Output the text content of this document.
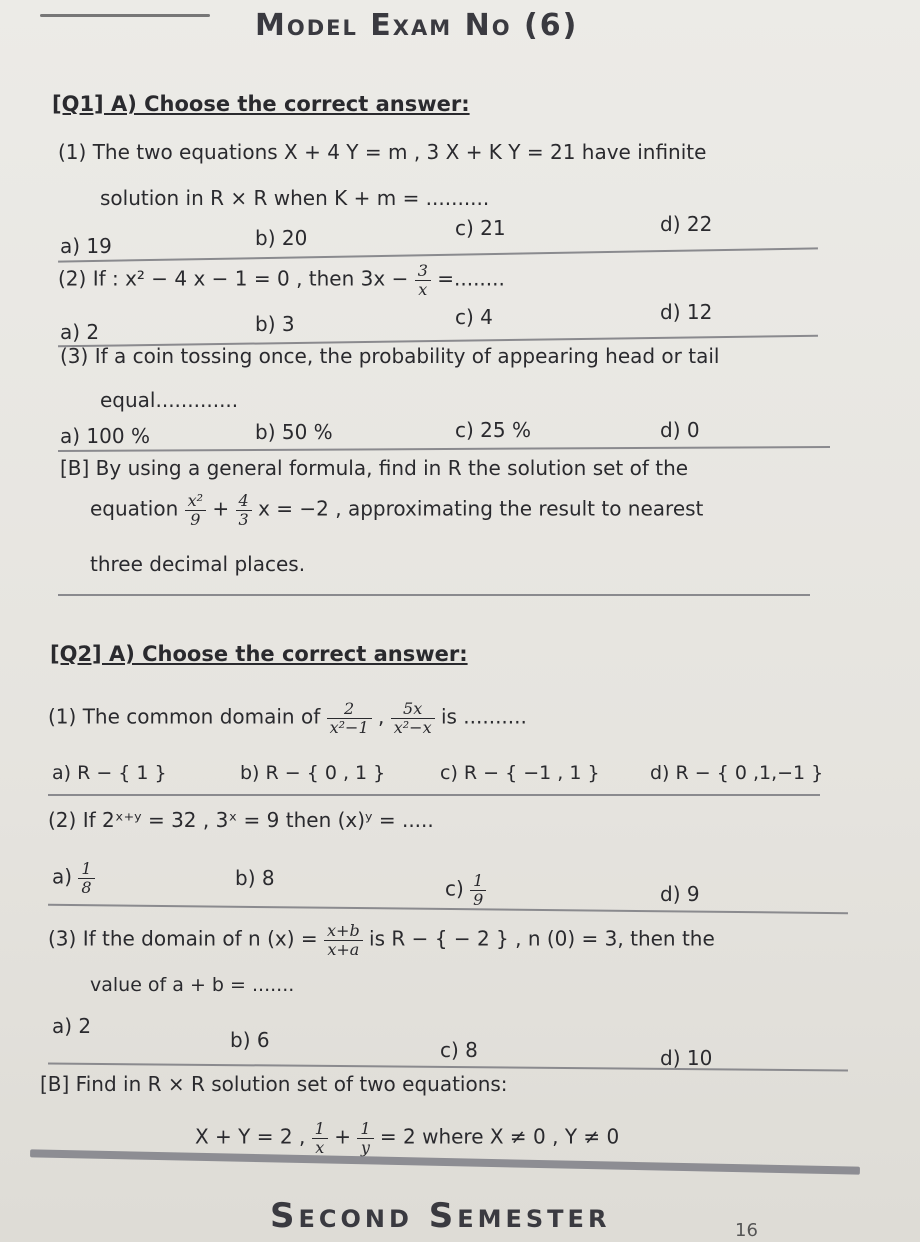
Model Exam No (6)
[Q1] A) Choose the correct answer:
(1) The two equations X + 4 Y = m , 3 X + K Y = 21 have infinite
solution in R × R when K + m = ..........
a) 19	b) 20	c) 21	d) 22
(2) If : x² − 4 x − 1 = 0 , then $3x - \frac{3}{x}$ =........
a) 2	b) 3	c) 4	d) 12
(3) If a coin tossing once, the probability of appearing head or tail
equal.............
a) 100 %	b) 50 %	c) 25 %	d) 0
[B] By using a general formula, find in R the solution set of the
equation $\frac{\text{x²}}{9} + \frac{4}{3}$ x = −2 , approximating the result to nearest
three decimal places.
[Q2] A) Choose the correct answer:
(1) The common domain of $\frac{2}{\text{x²−1}}$ , $\frac{5x}{\text{x²−x}}$ is ..........
a) R − { 1 }	b) R − { 0 , 1 }	c) R − { −1 , 1 }	d) R − { 0 ,1,−1 }
(2) If 2ˣ⁺ʸ = 32 , 3ˣ = 9 then (x)ʸ = .....
$a) \frac{1}{8}$	b) 8	$c) \frac{1}{9}$	d) 9
(3) If the domain of n $(x) = \frac{x+b}{x+a}$ is R − { − 2 } , n (0) = 3, then the
value of a + b = .......
a) 2
b) 6	c) 8	d) 10
[B] Find in R × R solution set of two equations:
X + Y = 2 , $\frac{1}{x} + \frac{1}{y} = 2$ where X ≠ 0 , Y ≠ 0
Second Semester	16
